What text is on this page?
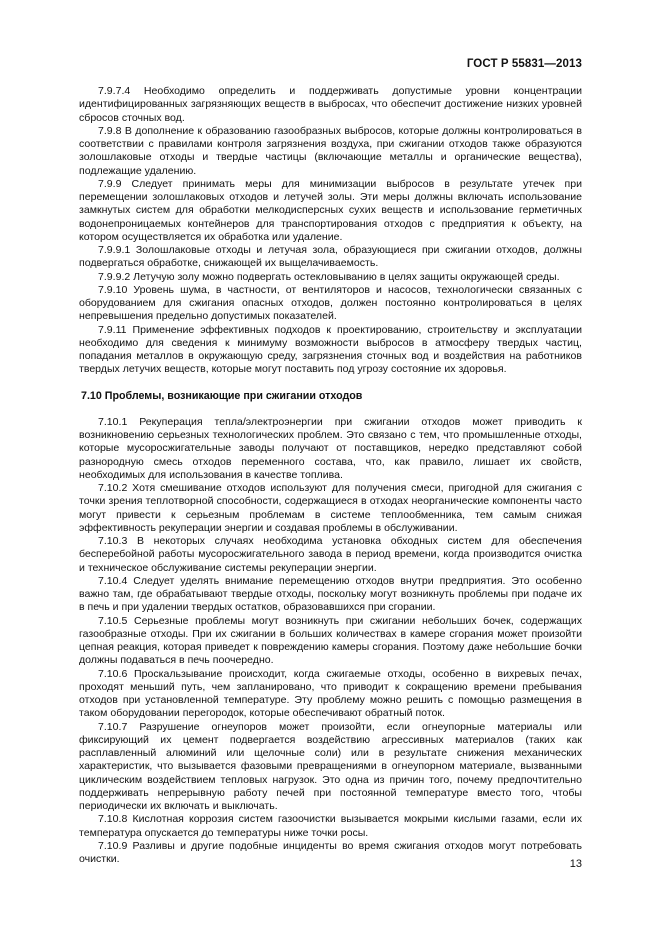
ГОСТ Р 55831—2013

7.9.7.4 Необходимо определить и поддерживать допустимые уровни концентрации идентифицированных загрязняющих веществ в выбросах, что обеспечит достижение низких уровней сбросов сточных вод.

7.9.8 В дополнение к образованию газообразных выбросов, которые должны контролироваться в соответствии с правилами контроля загрязнения воздуха, при сжигании отходов также образуются золошлаковые отходы и твердые частицы (включающие металлы и органические вещества), подлежащие удалению.

7.9.9 Следует принимать меры для минимизации выбросов в результате утечек при перемещении золошлаковых отходов и летучей золы. Эти меры должны включать использование замкнутых систем для обработки мелкодисперсных сухих веществ и использование герметичных водонепроницаемых контейнеров для транспортирования отходов с предприятия к объекту, на котором осуществляется их обработка или удаление.

7.9.9.1 Золошлаковые отходы и летучая зола, образующиеся при сжигании отходов, должны подвергаться обработке, снижающей их выщелачиваемость.

7.9.9.2 Летучую золу можно подвергать остекловыванию в целях защиты окружающей среды.

7.9.10 Уровень шума, в частности, от вентиляторов и насосов, технологически связанных с оборудованием для сжигания опасных отходов, должен постоянно контролироваться в целях непревышения предельно допустимых показателей.

7.9.11 Применение эффективных подходов к проектированию, строительству и эксплуатации необходимо для сведения к минимуму возможности выбросов в атмосферу твердых частиц, попадания металлов в окружающую среду, загрязнения сточных вод и воздействия на работников твердых летучих веществ, которые могут поставить под угрозу состояние их здоровья.

7.10 Проблемы, возникающие при сжигании отходов

7.10.1 Рекуперация тепла/электроэнергии при сжигании отходов может приводить к возникновению серьезных технологических проблем. Это связано с тем, что промышленные отходы, которые мусоросжигательные заводы получают от поставщиков, нередко представляют собой разнородную смесь отходов переменного состава, что, как правило, лишает их свойств, необходимых для использования в качестве топлива.

7.10.2 Хотя смешивание отходов используют для получения смеси, пригодной для сжигания с точки зрения теплотворной способности, содержащиеся в отходах неорганические компоненты часто могут привести к серьезным проблемам в системе теплообменника, тем самым снижая эффективность рекуперации энергии и создавая проблемы в обслуживании.

7.10.3 В некоторых случаях необходима установка обходных систем для обеспечения бесперебойной работы мусоросжигательного завода в период времени, когда производится очистка и техническое обслуживание системы рекуперации энергии.

7.10.4 Следует уделять внимание перемещению отходов внутри предприятия. Это особенно важно там, где обрабатывают твердые отходы, поскольку могут возникнуть проблемы при подаче их в печь и при удалении твердых остатков, образовавшихся при сгорании.

7.10.5 Серьезные проблемы могут возникнуть при сжигании небольших бочек, содержащих газообразные отходы. При их сжигании в больших количествах в камере сгорания может произойти цепная реакция, которая приведет к повреждению камеры сгорания. Поэтому даже небольшие бочки должны подаваться в печь поочередно.

7.10.6 Проскальзывание происходит, когда сжигаемые отходы, особенно в вихревых печах, проходят меньший путь, чем запланировано, что приводит к сокращению времени пребывания отходов при установленной температуре. Эту проблему можно решить с помощью размещения в таком оборудовании перегородок, которые обеспечивают обратный поток.

7.10.7 Разрушение огнеупоров может произойти, если огнеупорные материалы или фиксирующий их цемент подвергается воздействию агрессивных материалов (таких как расплавленный алюминий или щелочные соли) или в результате снижения механических характеристик, что вызывается фазовыми превращениями в огнеупорном материале, вызванными циклическим воздействием тепловых нагрузок. Это одна из причин того, почему предпочтительно поддерживать непрерывную работу печей при постоянной температуре вместо того, чтобы периодически их включать и выключать.

7.10.8 Кислотная коррозия систем газоочистки вызывается мокрыми кислыми газами, если их температура опускается до температуры ниже точки росы.

7.10.9 Разливы и другие подобные инциденты во время сжигания отходов могут потребовать очистки.	13
